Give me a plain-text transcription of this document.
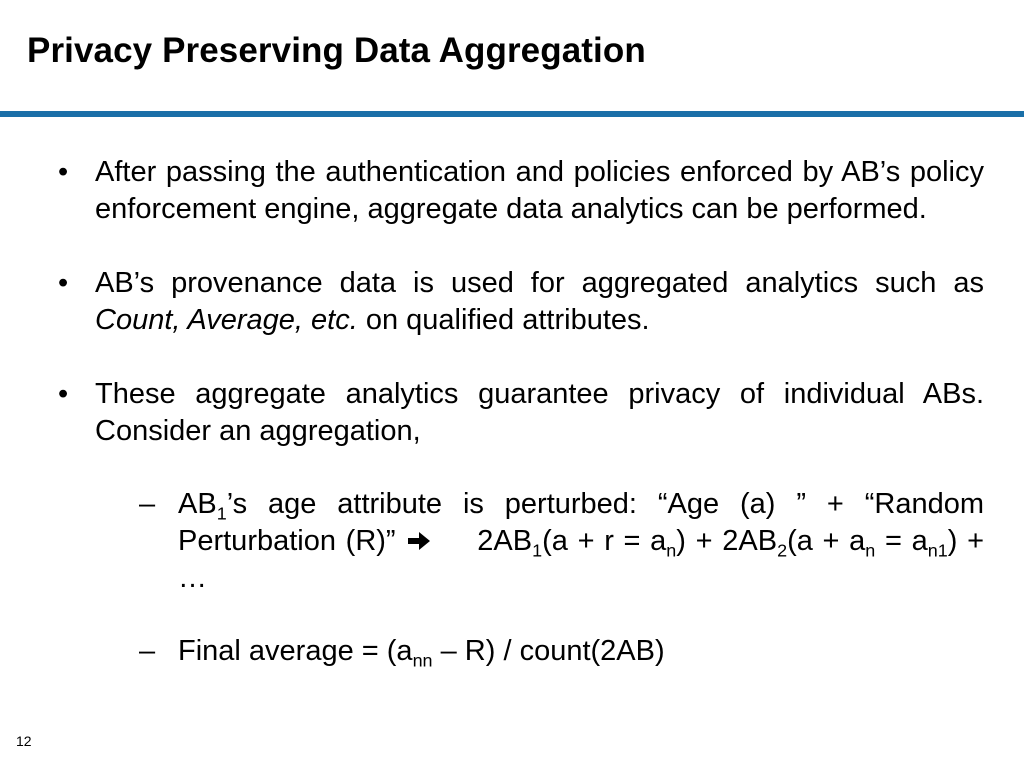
Privacy Preserving Data Aggregation
• After passing the authentication and policies enforced by AB’s policy enforcement engine, aggregate data analytics can be performed.
• AB’s provenance data is used for aggregated analytics such as Count, Average, etc. on qualified attributes.
• These aggregate analytics guarantee privacy of individual ABs. Consider an aggregation,
– $AB_1’s$ age attribute is perturbed: “Age (a) ” + “Random Perturbation (R)” $2AB_1(a + r = a_n) + 2AB_2(a + a_n = a_{n1})$ + …
– Final average = $(a_{nn} - R)$ / count(2AB)
12
